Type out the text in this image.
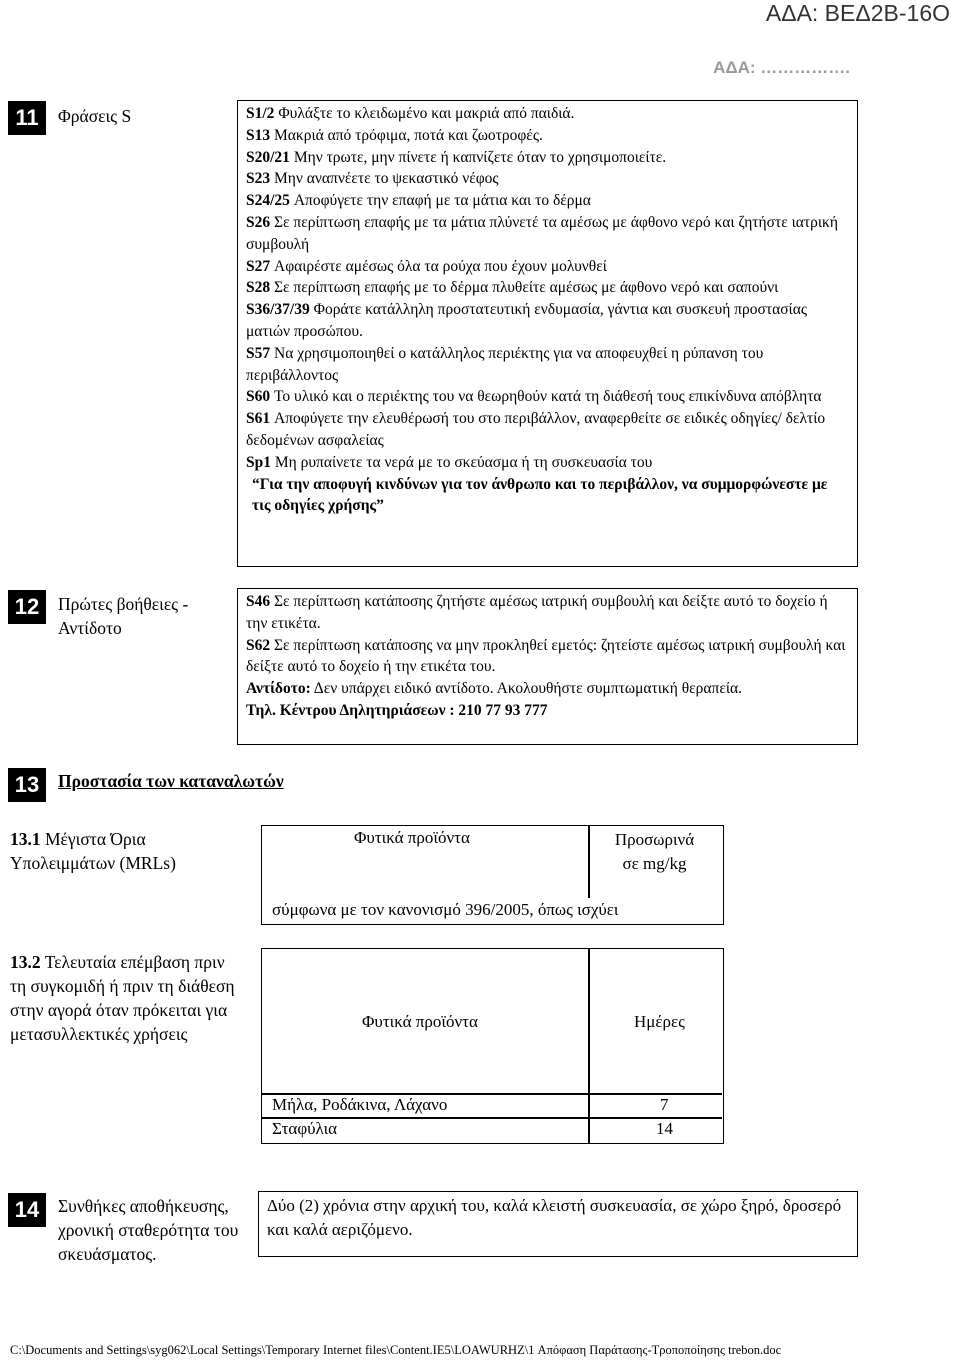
ΑΔΑ: ΒΕΔ2Β-16Ο
ΑΔΑ: …………….
11	Φράσεις S	S1/2 Φυλάξτε το κλειδωμένο και μακριά από παιδιά.

S13 Μακριά από τρόφιμα, ποτά και ζωοτροφές.

S20/21 Μην τρωτε, μην πίνετε ή καπνίζετε όταν το χρησιμοποιείτε.

S23 Μην αναπνέετε το ψεκαστικό νέφος

S24/25 Αποφύγετε την επαφή με τα μάτια και το δέρμα

S26 Σε περίπτωση επαφής με τα μάτια πλύνετέ τα αμέσως με άφθονο νερό και ζητήστε ιατρική συμβουλή

S27 Αφαιρέστε αμέσως όλα τα ρούχα που έχουν μολυνθεί

S28 Σε περίπτωση επαφής με το δέρμα πλυθείτε αμέσως με άφθονο νερό και σαπούνι

S36/37/39 Φοράτε κατάλληλη προστατευτική ενδυμασία, γάντια και συσκευή προστασίας ματιών προσώπου.

S57 Να χρησιμοποιηθεί ο κατάλληλος περιέκτης για να αποφευχθεί η ρύπανση του περιβάλλοντος

S60 Το υλικό και ο περιέκτης του να θεωρηθούν κατά τη διάθεσή τους επικίνδυνα απόβλητα

S61 Αποφύγετε την ελευθέρωσή του στο περιβάλλον, αναφερθείτε σε ειδικές οδηγίες/ δελτίο δεδομένων ασφαλείας

Sp1 Μη ρυπαίνετε τα νερά με το σκεύασμα ή τη συσκευασία του

“Για την αποφυγή κινδύνων για τον άνθρωπο και το περιβάλλον, να συμμορφώνεστε με τις οδηγίες χρήσης”

12	Πρώτες βοήθειες - Αντίδοτο

S46 Σε περίπτωση κατάποσης ζητήστε αμέσως ιατρική συμβουλή και δείξτε αυτό το δοχείο ή την ετικέτα.

S62 Σε περίπτωση κατάποσης να μην προκληθεί εμετός: ζητείστε αμέσως ιατρική συμβουλή και δείξτε αυτό το δοχείο ή την ετικέτα του.

Αντίδοτο: Δεν υπάρχει ειδικό αντίδοτο. Ακολουθήστε συμπτωματική θεραπεία.

Τηλ. Κέντρου Δηλητηριάσεων : 210 77 93 777

13	Προστασία των καταναλωτών
13.1 Μέγιστα Όρια Υπολειμμάτων (MRLs)
Φυτικά προϊόντα	Προσωρινά σε mg/kg
σύμφωνα με τον κανονισμό 396/2005, όπως ισχύει
13.2 Τελευταία επέμβαση πριν τη συγκομιδή ή πριν τη διάθεση στην αγορά όταν πρόκειται για μετασυλλεκτικές χρήσεις
Φυτικά προϊόντα	Ημέρες
Μήλα, Ροδάκινα, Λάχανο	7
Σταφύλια	14
14	Συνθήκες αποθήκευσης, χρονική σταθερότητα του σκευάσματος.
Δύο (2) χρόνια στην αρχική του, καλά κλειστή συσκευασία, σε χώρο ξηρό, δροσερό και καλά αεριζόμενο.
C:\Documents and Settings\syg062\Local Settings\Temporary Internet files\Content.IE5\LOAWURHZ\1 Απόφαση Παράτασης-Τροποποίησης trebon.doc
